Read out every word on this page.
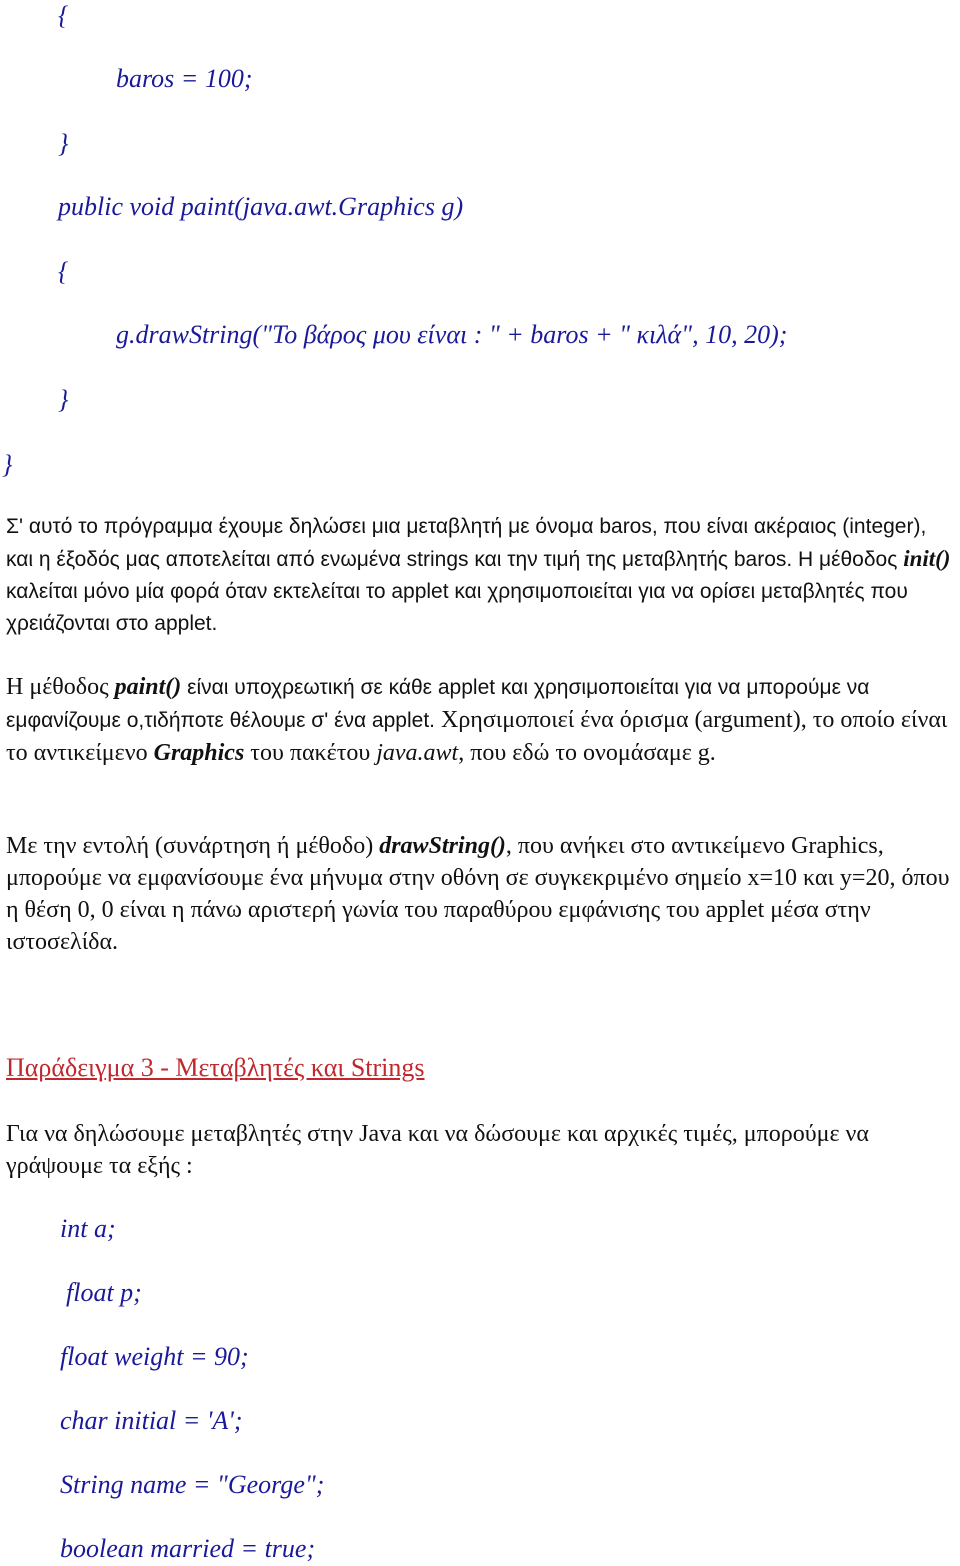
{
baros = 100;
}
public void paint(java.awt.Graphics g)
{
g.drawString("Το βάρος μου είναι : " + baros + " κιλά", 10, 20);
}
}
Σ' αυτό το πρόγραμμα έχουμε δηλώσει μια μεταβλητή με όνομα baros, που είναι ακέραιος (integer), και η έξοδός μας αποτελείται από ενωμένα strings και την τιμή της μεταβλητής baros. Η μέθοδος init() καλείται μόνο μία φορά όταν εκτελείται το applet και χρησιμοποιείται για να ορίσει μεταβλητές που χρειάζονται στο applet.
Η μέθοδος paint() είναι υποχρεωτική σε κάθε applet και χρησιμοποιείται για να μπορούμε να εμφανίζουμε ο,τιδήποτε θέλουμε σ' ένα applet. Χρησιμοποιεί ένα όρισμα (argument), το οποίο είναι το αντικείμενο Graphics του πακέτου java.awt, που εδώ το ονομάσαμε g.
Με την εντολή (συνάρτηση ή μέθοδο) drawString(), που ανήκει στο αντικείμενο Graphics, μπορούμε να εμφανίσουμε ένα μήνυμα στην οθόνη σε συγκεκριμένο σημείο x=10 και y=20, όπου η θέση 0, 0 είναι η πάνω αριστερή γωνία του παραθύρου εμφάνισης του applet μέσα στην ιστοσελίδα.
Παράδειγμα 3 - Μεταβλητές και Strings
Για να δηλώσουμε μεταβλητές στην Java και να δώσουμε και αρχικές τιμές, μπορούμε να γράψουμε τα εξής :
int a;
float p;
float weight = 90;
char initial = 'A';
String name = "George";
boolean married = true;
